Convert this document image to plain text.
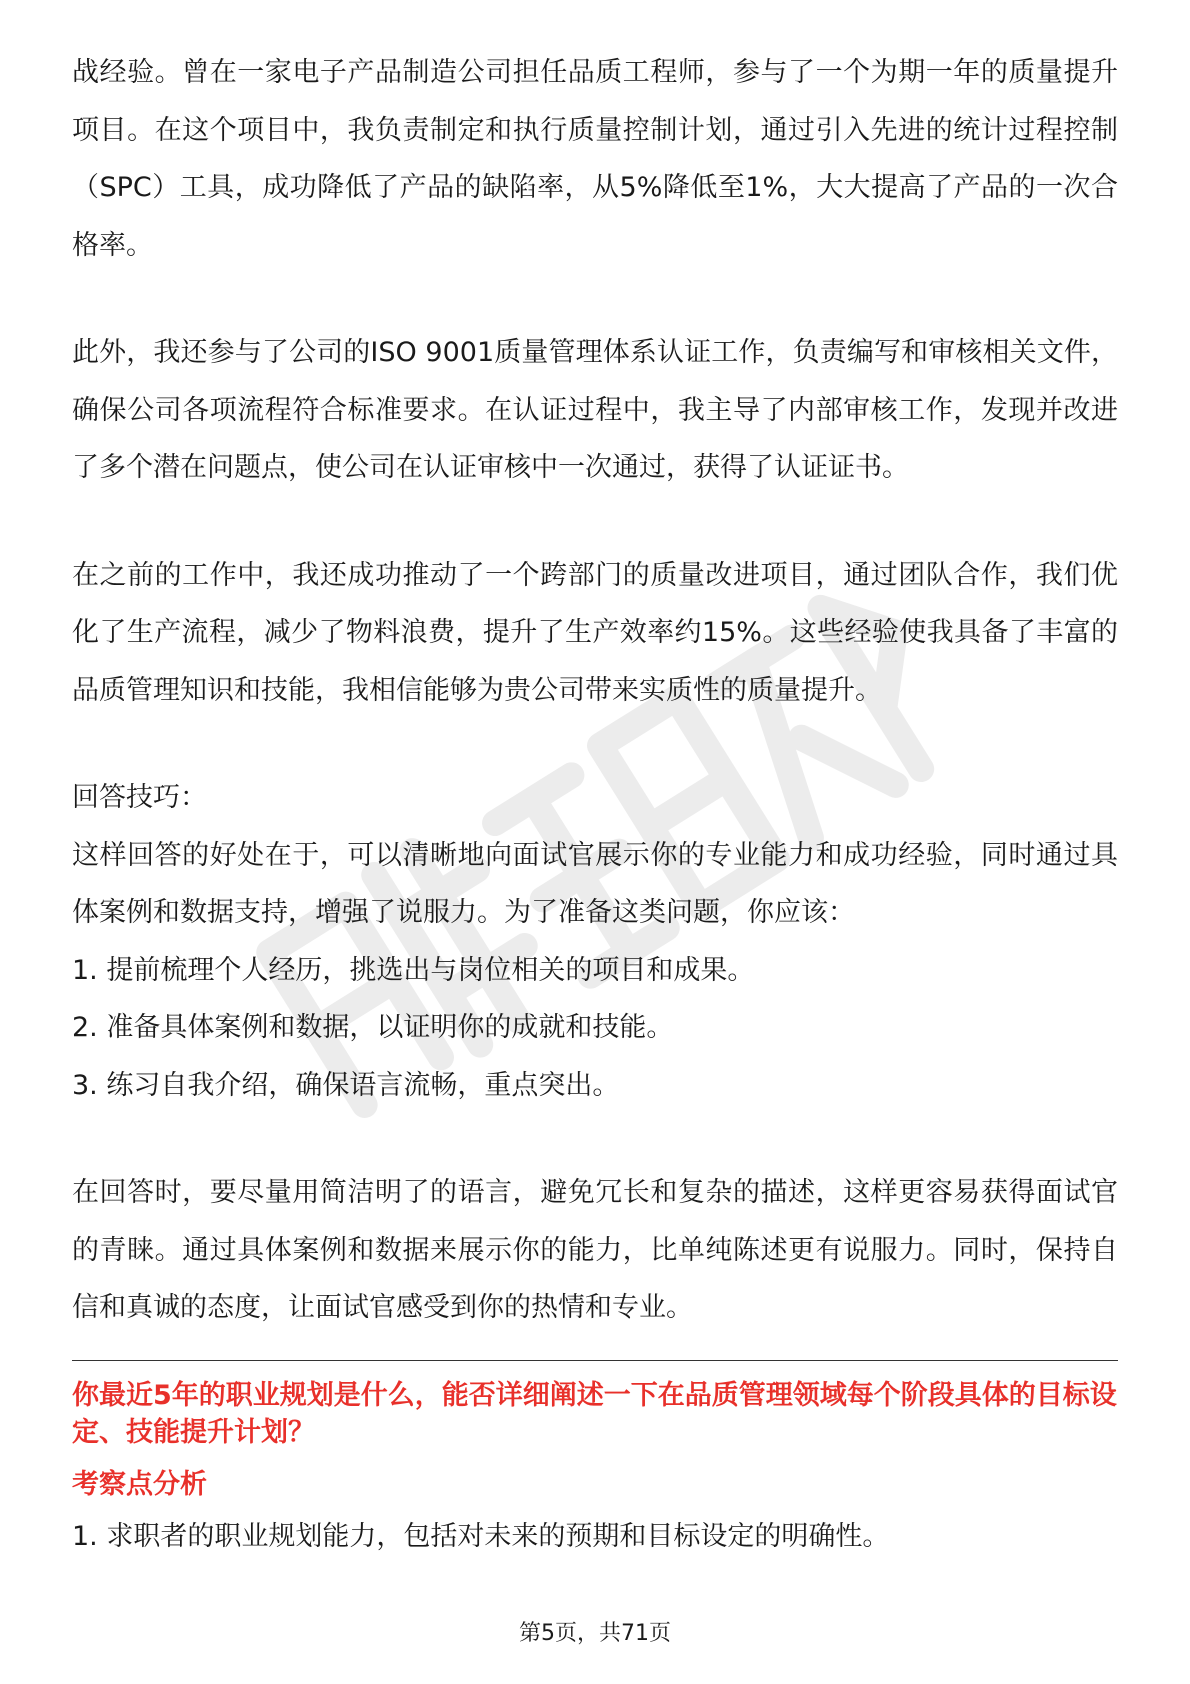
战经验。曾在一家电子产品制造公司担任品质工程师，参与了一个为期一年的质量提升项目。在这个项目中，我负责制定和执行质量控制计划，通过引入先进的统计过程控制（SPC）工具，成功降低了产品的缺陷率，从5%降低至1%，大大提高了产品的一次合格率。

此外，我还参与了公司的ISO 9001质量管理体系认证工作，负责编写和审核相关文件，确保公司各项流程符合标准要求。在认证过程中，我主导了内部审核工作，发现并改进了多个潜在问题点，使公司在认证审核中一次通过，获得了认证证书。

在之前的工作中，我还成功推动了一个跨部门的质量改进项目，通过团队合作，我们优化了生产流程，减少了物料浪费，提升了生产效率约15%。这些经验使我具备了丰富的品质管理知识和技能，我相信能够为贵公司带来实质性的质量提升。

回答技巧：

这样回答的好处在于，可以清晰地向面试官展示你的专业能力和成功经验，同时通过具体案例和数据支持，增强了说服力。为了准备这类问题，你应该：

1. 提前梳理个人经历，挑选出与岗位相关的项目和成果。

2. 准备具体案例和数据，以证明你的成就和技能。

3. 练习自我介绍，确保语言流畅，重点突出。

在回答时，要尽量用简洁明了的语言，避免冗长和复杂的描述，这样更容易获得面试官的青睐。通过具体案例和数据来展示你的能力，比单纯陈述更有说服力。同时，保持自信和真诚的态度，让面试官感受到你的热情和专业。

你最近5年的职业规划是什么，能否详细阐述一下在品质管理领域每个阶段具体的目标设定、技能提升计划？

考察点分析

1. 求职者的职业规划能力，包括对未来的预期和目标设定的明确性。

第5页，共71页
